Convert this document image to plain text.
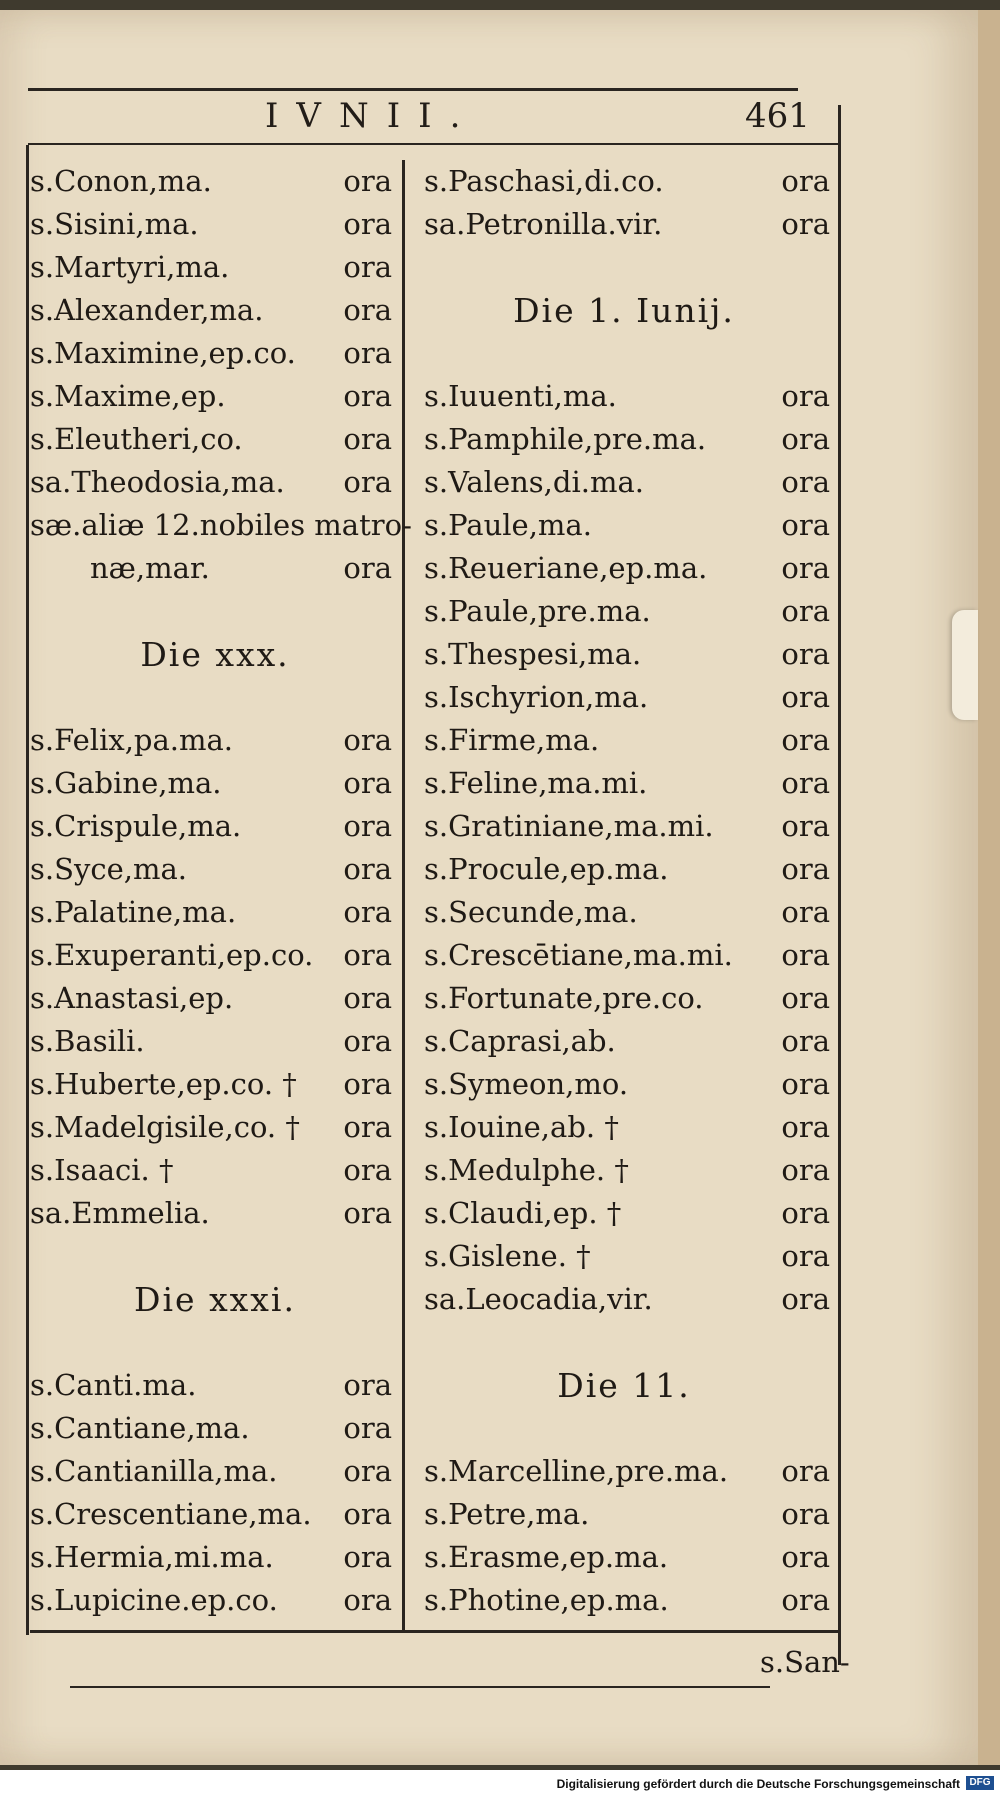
IVNII.	461
s.Conon,ma.	ora
s.Sisini,ma.	ora
s.Martyri,ma.	ora
s.Alexander,ma.	ora
s.Maximine,ep.co. ora
s.Maxime,ep.	ora
s.Eleutheri,co.	ora
sa.Theodosia,ma. ora
sæ.aliæ 12.nobiles matro-
næ,mar.	ora
Die xxx.
s.Felix,pa.ma.	ora
s.Gabine,ma.	ora
s.Crispule,ma.	ora
s.Syce,ma.	ora
s.Palatine,ma.	ora
s.Exuperanti,ep.co. ora
s.Anastasi,ep.	ora
s.Basili.	ora
s.Huberte,ep.co. † ora
s.Madelgisile,co. † ora
s.Isaaci. †	ora
sa.Emmelia.	ora
Die xxxi.
s.Canti.ma.	ora
s.Cantiane,ma.	ora
s.Cantianilla,ma. ora
s.Crescentiane,ma. ora
s.Hermia,mi.ma. ora
s.Lupicine.ep.co. ora
s.Paschasi,di.co.	ora
sa.Petronilla.vir.	ora
Die 1. Iunij.
s.Iuuenti,ma.	ora
s.Pamphile,pre.ma.	ora
s.Valens,di.ma.	ora
s.Paule,ma.	ora
s.Reueriane,ep.ma.	ora
s.Paule,pre.ma.	ora
s.Thespesi,ma.	ora
s.Ischyrion,ma.	ora
s.Firme,ma.	ora
s.Feline,ma.mi.	ora
s.Gratiniane,ma.mi. ora
s.Procule,ep.ma.	ora
s.Secunde,ma.	ora
s.Crescētiane,ma.mi. ora
s.Fortunate,pre.co.	ora
s.Caprasi,ab.	ora
s.Symeon,mo.	ora
s.Iouine,ab. †	ora
s.Medulphe. †	ora
s.Claudi,ep. †	ora
s.Gislene. †	ora
sa.Leocadia,vir.	ora
Die 11.
s.Marcelline,pre.ma. ora
s.Petre,ma.	ora
s.Erasme,ep.ma.	ora
s.Photine,ep.ma.	ora
s.San-
Digitalisierung gefördert durch die Deutsche Forschungsgemeinschaft DFG
